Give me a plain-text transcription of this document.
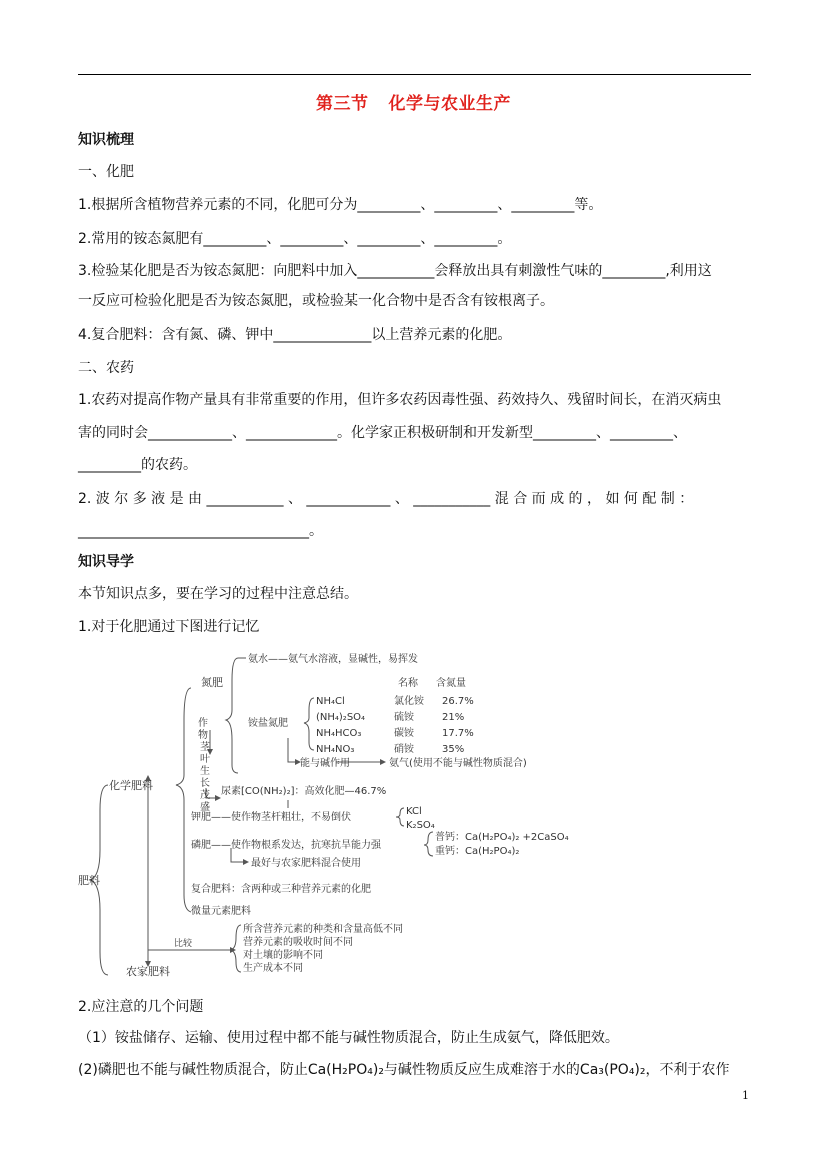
第三节 化学与农业生产
知识梳理
一、化肥
1.根据所含植物营养元素的不同，化肥可分为_________、_________、_________等。
2.常用的铵态氮肥有_________、_________、_________、_________。
3.检验某化肥是否为铵态氮肥：向肥料中加入___________会释放出具有刺激性气味的_________,利用这
一反应可检验化肥是否为铵态氮肥，或检验某一化合物中是否含有铵根离子。
4.复合肥料：含有氮、磷、钾中______________以上营养元素的化肥。
二、农药
1.农药对提高作物产量具有非常重要的作用，但许多农药因毒性强、药效持久、残留时间长，在消灭病虫
害的同时会____________、_____________。化学家正积极研制和开发新型_________、_________、
_________的农药。
2. 波 尔 多 液 是 由 ___________ 、 ____________ 、 ___________ 混 合 而 成 的 ， 如 何 配 制 ：
_________________________________。
知识导学
本节知识点多，要在学习的过程中注意总结。
1.对于化肥通过下图进行记忆
肥料
化学肥料
农家肥料
氮肥
作物茎叶生长茂盛
氨水——氨气水溶液，显碱性，易挥发
铵盐氮肥
名称 含氮量
NH₄Cl	氯化铵 26.7%
(NH₄)₂SO₄	硫铵	21%
NH₄HCO₃	碳铵	17.7%
NH₄NO₃	硝铵	35%
能与碱作用	氨气(使用不能与碱性物质混合)
尿素[CO(NH₂)₂]：高效化肥—46.7%
钾肥——使作物茎杆粗壮，不易倒伏
KCl
K₂SO₄
磷肥——使作物根系发达，抗寒抗旱能力强
普钙：Ca(H₂PO₄)₂ +2CaSO₄
重钙：Ca(H₂PO₄)₂
最好与农家肥料混合使用
复合肥料：含两种或三种营养元素的化肥
微量元素肥料
比较
所含营养元素的种类和含量高低不同
营养元素的吸收时间不同
对土壤的影响不同
生产成本不同
2.应注意的几个问题
（1）铵盐储存、运输、使用过程中都不能与碱性物质混合，防止生成氨气，降低肥效。
(2)磷肥也不能与碱性物质混合，防止Ca(H₂PO₄)₂与碱性物质反应生成难溶于水的Ca₃(PO₄)₂，不利于农作
1
